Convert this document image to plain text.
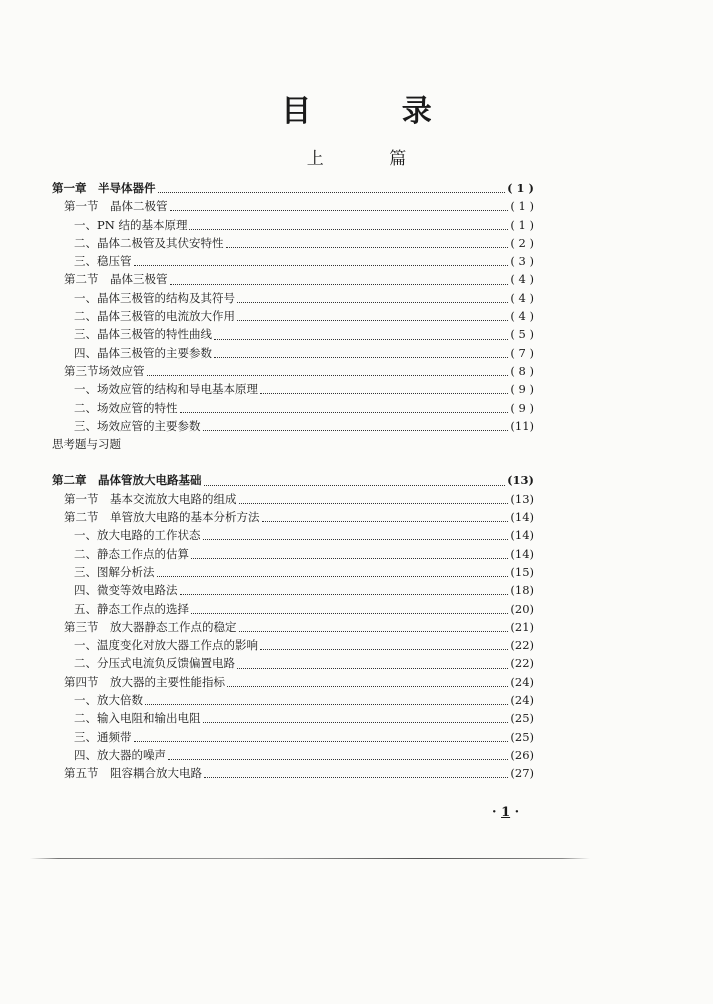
目 录
上 篇
第一章　半导体器件	( 1 )
第一节　晶体二极管	( 1 )
一、PN 结的基本原理	( 1 )
二、晶体二极管及其伏安特性	( 2 )
三、稳压管	( 3 )
第二节　晶体三极管	( 4 )
一、晶体三极管的结构及其符号	( 4 )
二、晶体三极管的电流放大作用	( 4 )
三、晶体三极管的特性曲线	( 5 )
四、晶体三极管的主要参数	( 7 )
第三节场效应管	( 8 )
一、场效应管的结构和导电基本原理	( 9 )
二、场效应管的特性	( 9 )
三、场效应管的主要参数	(11)
思考题与习题
第二章　晶体管放大电路基础	(13)
第一节　基本交流放大电路的组成	(13)
第二节　单管放大电路的基本分析方法	(14)
一、放大电路的工作状态	(14)
二、静态工作点的估算	(14)
三、图解分析法	(15)
四、微变等效电路法	(18)
五、静态工作点的选择	(20)
第三节　放大器静态工作点的稳定	(21)
一、温度变化对放大器工作点的影响	(22)
二、分压式电流负反馈偏置电路	(22)
第四节　放大器的主要性能指标	(24)
一、放大倍数	(24)
二、输入电阻和输出电阻	(25)
三、通频带	(25)
四、放大器的噪声	(26)
第五节　阻容耦合放大电路	(27)
· 1 ·
